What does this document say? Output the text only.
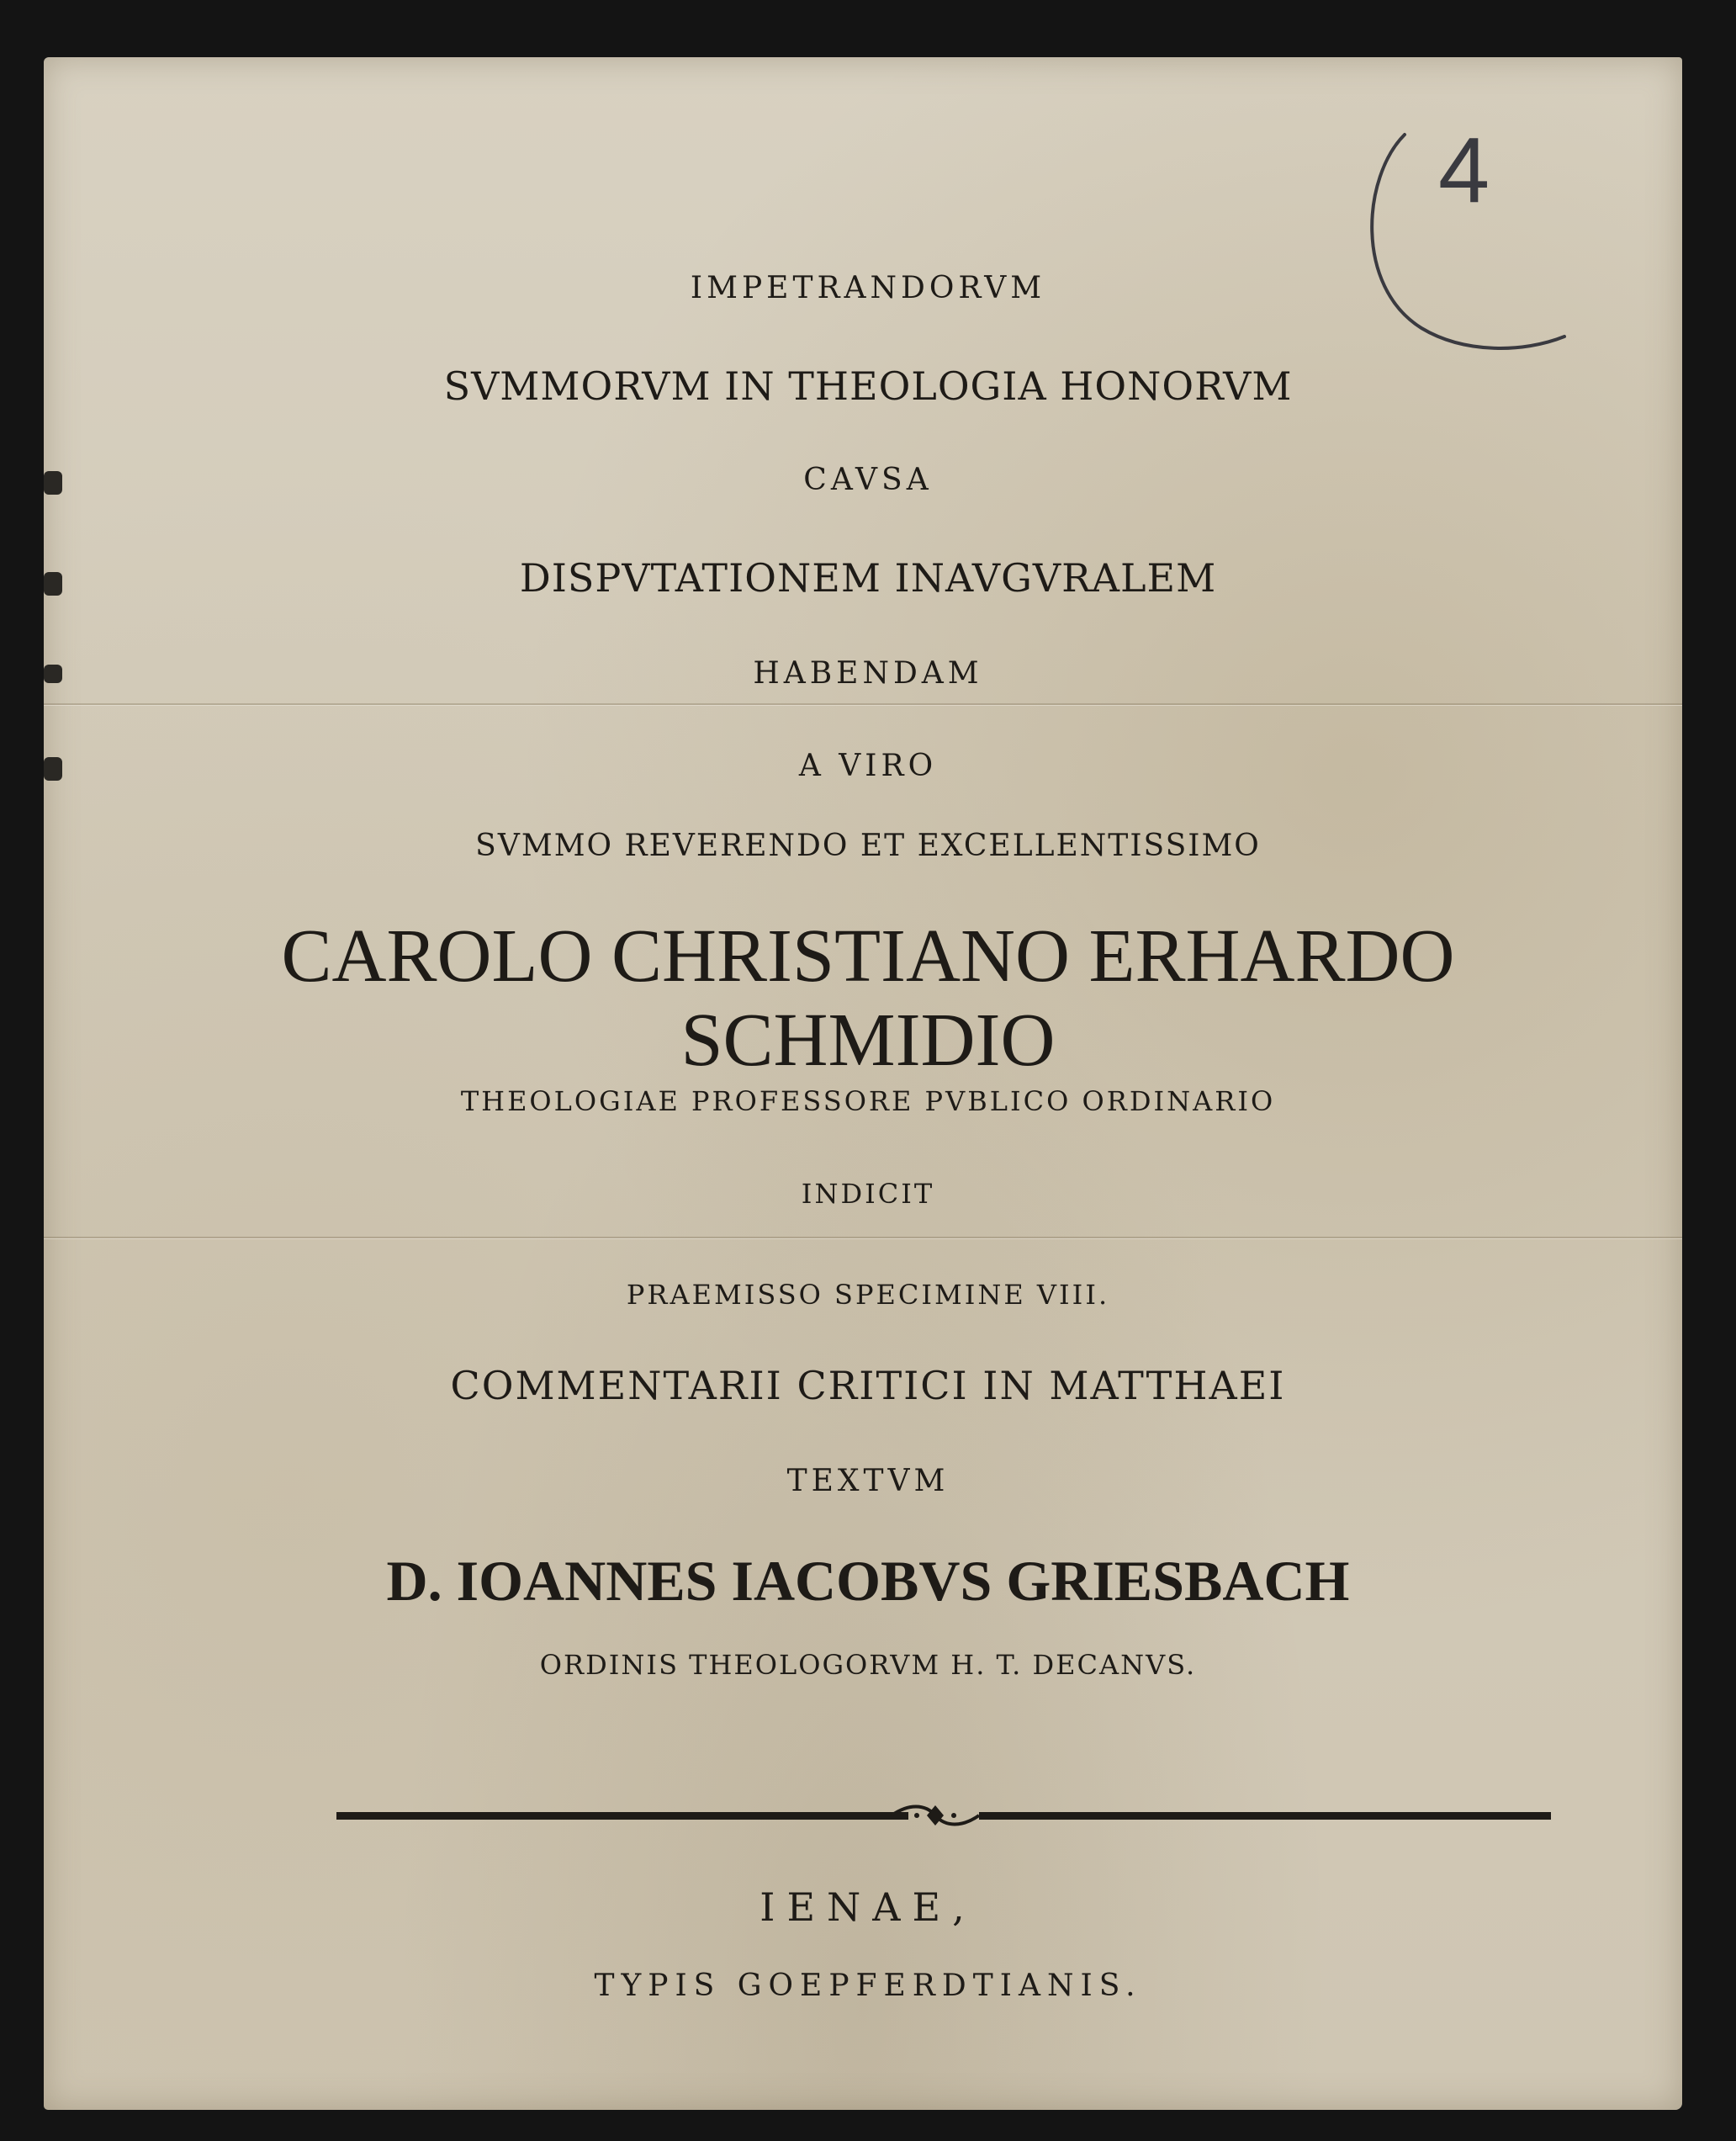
4
IMPETRANDORVM
SVMMORVM IN THEOLOGIA HONORVM
CAVSA
DISPVTATIONEM INAVGVRALEM
HABENDAM
A VIRO
SVMMO REVERENDO ET EXCELLENTISSIMO
CAROLO CHRISTIANO ERHARDO
SCHMIDIO
THEOLOGIAE PROFESSORE PVBLICO ORDINARIO
INDICIT
PRAEMISSO SPECIMINE VIII.
COMMENTARII CRITICI IN MATTHAEI
TEXTVM
D. IOANNES IACOBVS GRIESBACH
ORDINIS THEOLOGORVM H. T. DECANVS.
IENAE,
TYPIS GOEPFERDTIANIS.
